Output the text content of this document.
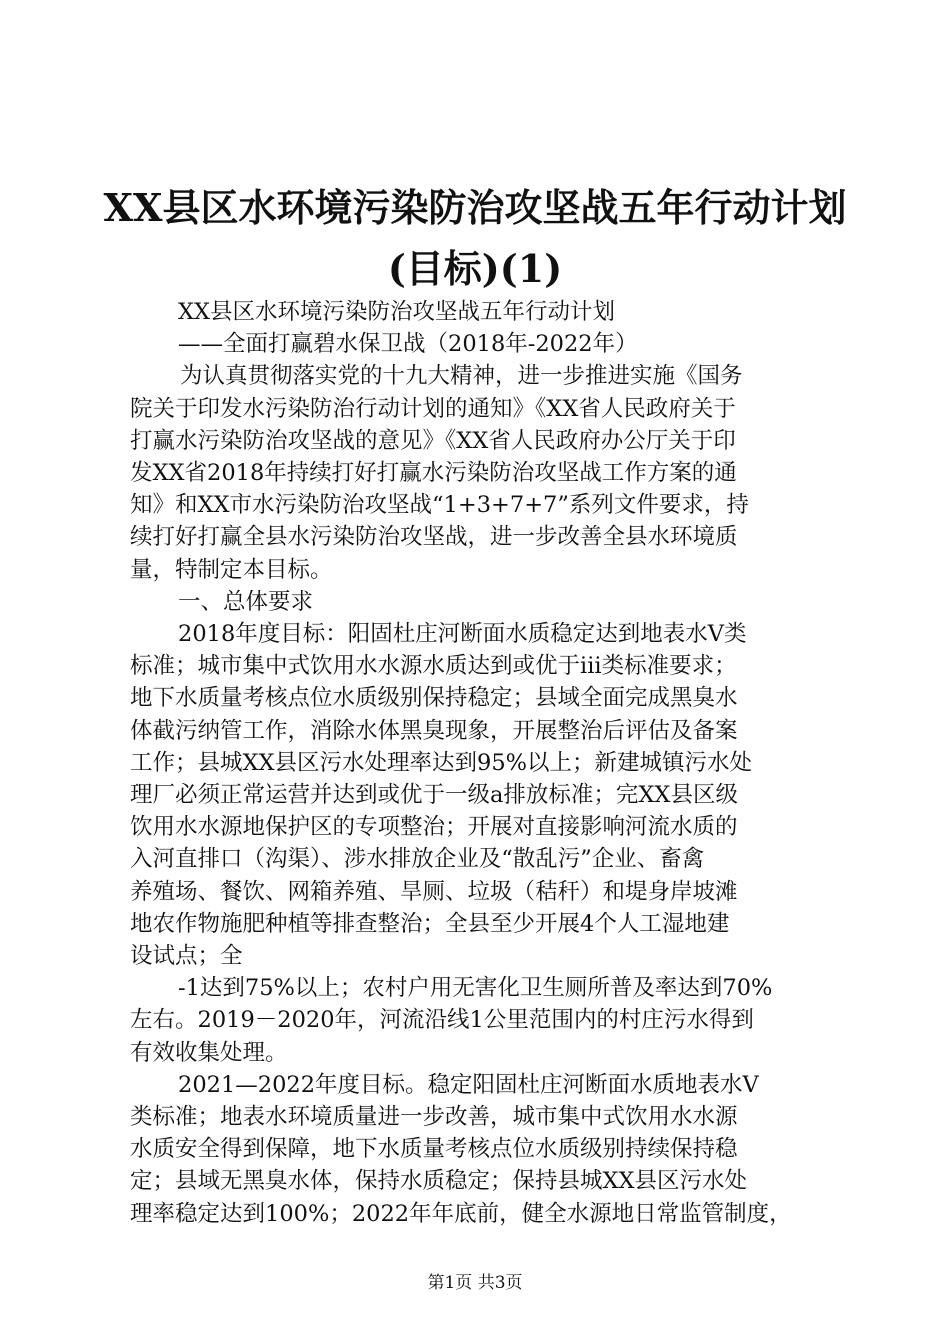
XX县区水环境污染防治攻坚战五年行动计划
(目标)(1)
XX县区水环境污染防治攻坚战五年行动计划
——全面打赢碧水保卫战（2018年-2022年）
为认真贯彻落实党的十九大精神，进一步推进实施《国务
院关于印发水污染防治行动计划的通知》《XX省人民政府关于
打赢水污染防治攻坚战的意见》《XX省人民政府办公厅关于印
发XX省2018年持续打好打赢水污染防治攻坚战工作方案的通
知》和XX市水污染防治攻坚战“1+3+7+7”系列文件要求，持
续打好打赢全县水污染防治攻坚战，进一步改善全县水环境质
量，特制定本目标。
一、总体要求
2018年度目标：阳固杜庄河断面水质稳定达到地表水Ⅴ类
标准；城市集中式饮用水水源水质达到或优于iii类标准要求；
地下水质量考核点位水质级别保持稳定；县域全面完成黑臭水
体截污纳管工作，消除水体黑臭现象，开展整治后评估及备案
工作；县城XX县区污水处理率达到95%以上；新建城镇污水处
理厂必须正常运营并达到或优于一级a排放标准；完XX县区级
饮用水水源地保护区的专项整治；开展对直接影响河流水质的
入河直排口（沟渠）、涉水排放企业及“散乱污”企业、畜禽
养殖场、餐饮、网箱养殖、旱厕、垃圾（秸秆）和堤身岸坡滩
地农作物施肥种植等排查整治；全县至少开展4个人工湿地建
设试点；全
-1达到75%以上；农村户用无害化卫生厕所普及率达到70%
左右。2019－2020年，河流沿线1公里范围内的村庄污水得到
有效收集处理。
2021—2022年度目标。稳定阳固杜庄河断面水质地表水Ⅴ
类标准；地表水环境质量进一步改善，城市集中式饮用水水源
水质安全得到保障，地下水质量考核点位水质级别持续保持稳
定；县域无黑臭水体，保持水质稳定；保持县城XX县区污水处
理率稳定达到100%；2022年年底前，健全水源地日常监管制度，
第1页 共3页
